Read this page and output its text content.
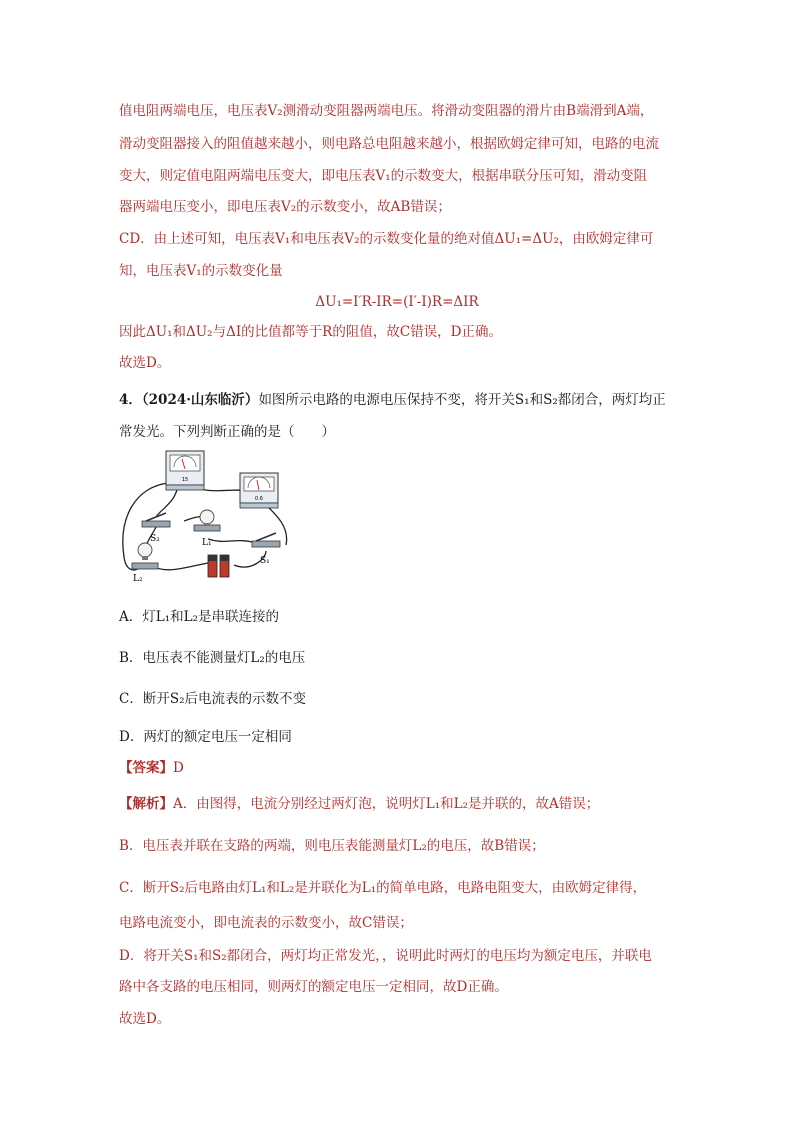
值电阻两端电压，电压表V₂测滑动变阻器两端电压。将滑动变阻器的滑片由B端滑到A端，
滑动变阻器接入的阻值越来越小，则电路总电阻越来越小，根据欧姆定律可知，电路的电流
变大，则定值电阻两端电压变大，即电压表V₁的示数变大，根据串联分压可知，滑动变阻
器两端电压变小，即电压表V₂的示数变小，故AB错误；
CD．由上述可知，电压表V₁和电压表V₂的示数变化量的绝对值ΔU₁=ΔU₂，由欧姆定律可
知，电压表V₁的示数变化量
ΔU₁=I′R-IR=(I′-I)R=ΔIR
因此ΔU₁和ΔU₂与ΔI的比值都等于R的阻值，故C错误，D正确。
故选D。
4．（2024·山东临沂）如图所示电路的电源电压保持不变，将开关S₁和S₂都闭合，两灯均正
常发光。下列判断正确的是（　　）
15
0.6
S₂	L₁
L₂
S₁
A．灯L₁和L₂是串联连接的
B．电压表不能测量灯L₂的电压
C．断开S₂后电流表的示数不变
D．两灯的额定电压一定相同
【答案】D
【解析】A．由图得，电流分别经过两灯泡，说明灯L₁和L₂是并联的，故A错误；
B．电压表并联在支路的两端，则电压表能测量灯L₂的电压，故B错误；
C．断开S₂后电路由灯L₁和L₂是并联化为L₁的简单电路，电路电阻变大，由欧姆定律得，
电路电流变小，即电流表的示数变小，故C错误；
D．将开关S₁和S₂都闭合，两灯均正常发光，，说明此时两灯的电压均为额定电压，并联电
路中各支路的电压相同，则两灯的额定电压一定相同，故D正确。
故选D。
